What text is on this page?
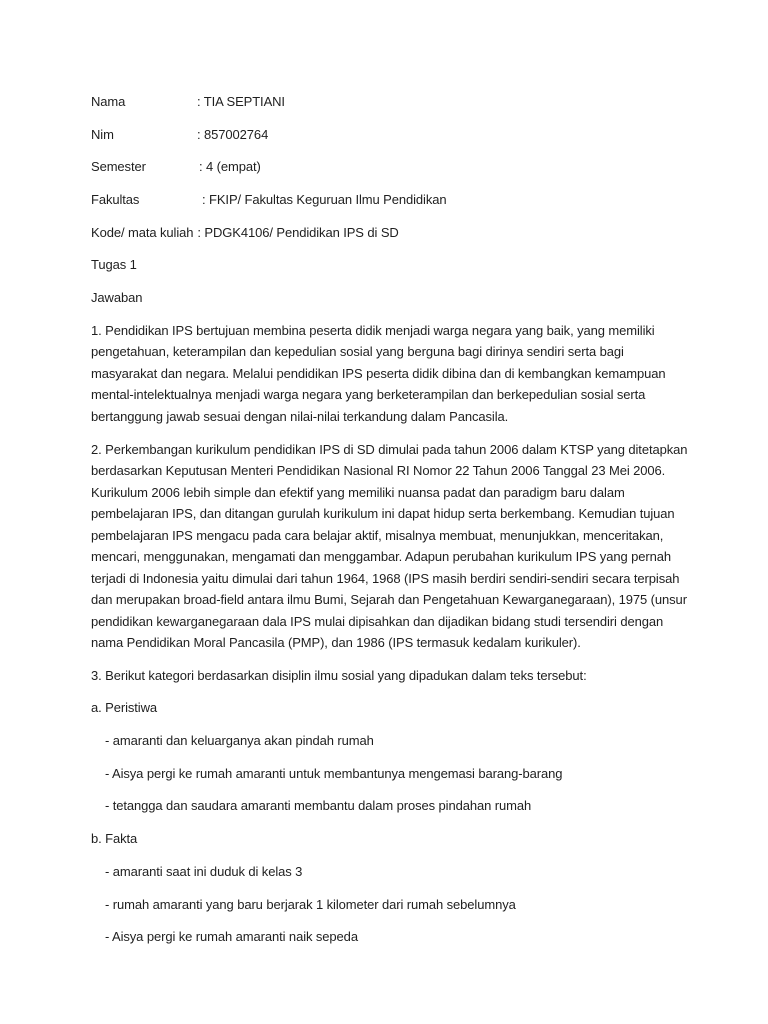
Nama	: TIA SEPTIANI
Nim	: 857002764
Semester	: 4 (empat)
Fakultas	: FKIP/ Fakultas Keguruan Ilmu Pendidikan
Kode/ mata kuliah : PDGK4106/ Pendidikan IPS di SD

Tugas 1

Jawaban

1. Pendidikan IPS bertujuan membina peserta didik menjadi warga negara yang baik, yang memiliki
pengetahuan, keterampilan dan kepedulian sosial yang berguna bagi dirinya sendiri serta bagi
masyarakat dan negara. Melalui pendidikan IPS peserta didik dibina dan di kembangkan kemampuan
mental-intelektualnya menjadi warga negara yang berketerampilan dan berkepedulian sosial serta
bertanggung jawab sesuai dengan nilai-nilai terkandung dalam Pancasila.

2. Perkembangan kurikulum pendidikan IPS di SD dimulai pada tahun 2006 dalam KTSP yang ditetapkan
berdasarkan Keputusan Menteri Pendidikan Nasional RI Nomor 22 Tahun 2006 Tanggal 23 Mei 2006.
Kurikulum 2006 lebih simple dan efektif yang memiliki nuansa padat dan paradigm baru dalam
pembelajaran IPS, dan ditangan gurulah kurikulum ini dapat hidup serta berkembang. Kemudian tujuan
pembelajaran IPS mengacu pada cara belajar aktif, misalnya membuat, menunjukkan, menceritakan,
mencari, menggunakan, mengamati dan menggambar. Adapun perubahan kurikulum IPS yang pernah
terjadi di Indonesia yaitu dimulai dari tahun 1964, 1968 (IPS masih berdiri sendiri-sendiri secara terpisah
dan merupakan broad-field antara ilmu Bumi, Sejarah dan Pengetahuan Kewarganegaraan), 1975 (unsur
pendidikan kewarganegaraan dala IPS mulai dipisahkan dan dijadikan bidang studi tersendiri dengan
nama Pendidikan Moral Pancasila (PMP), dan 1986 (IPS termasuk kedalam kurikuler).

3. Berikut kategori berdasarkan disiplin ilmu sosial yang dipadukan dalam teks tersebut:

a. Peristiwa

- amaranti dan keluarganya akan pindah rumah

- Aisya pergi ke rumah amaranti untuk membantunya mengemasi barang-barang

- tetangga dan saudara amaranti membantu dalam proses pindahan rumah

b. Fakta

- amaranti saat ini duduk di kelas 3

- rumah amaranti yang baru berjarak 1 kilometer dari rumah sebelumnya

- Aisya pergi ke rumah amaranti naik sepeda
